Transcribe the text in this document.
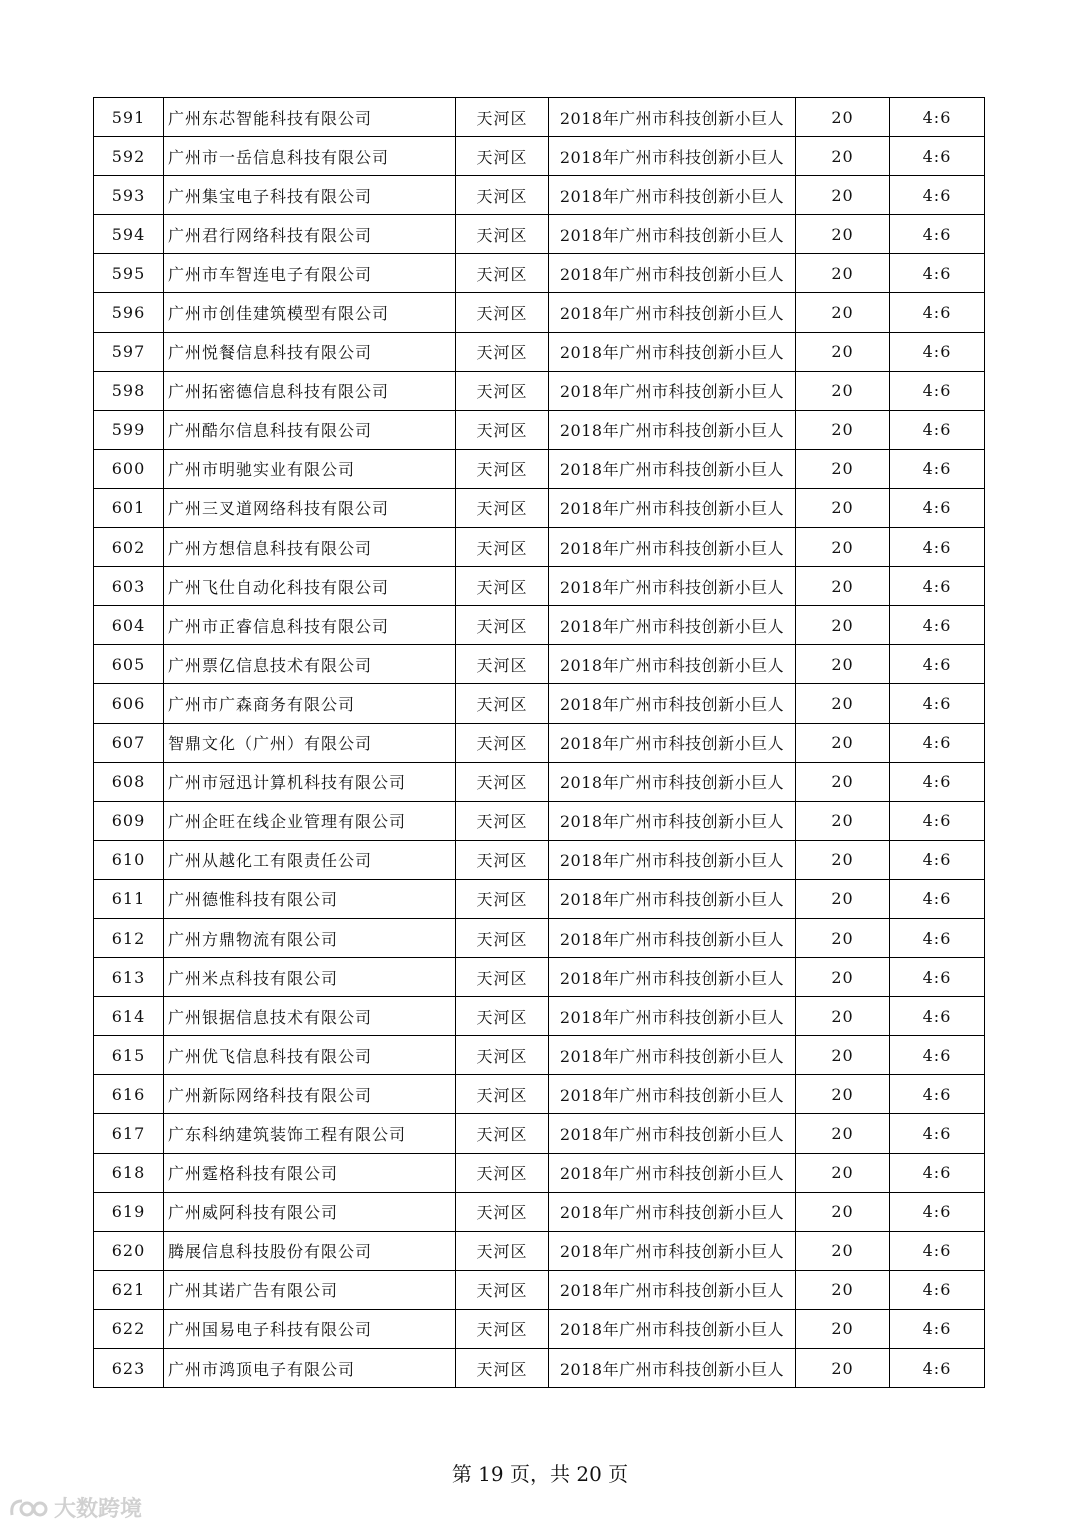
591	广州东芯智能科技有限公司	天河区	2018年广州市科技创新小巨人	20	4:6
592	广州市一岳信息科技有限公司	天河区	2018年广州市科技创新小巨人	20	4:6
593	广州集宝电子科技有限公司	天河区	2018年广州市科技创新小巨人	20	4:6
594	广州君行网络科技有限公司	天河区	2018年广州市科技创新小巨人	20	4:6
595	广州市车智连电子有限公司	天河区	2018年广州市科技创新小巨人	20	4:6
596	广州市创佳建筑模型有限公司	天河区	2018年广州市科技创新小巨人	20	4:6
597	广州悦餐信息科技有限公司	天河区	2018年广州市科技创新小巨人	20	4:6
598	广州拓密德信息科技有限公司	天河区	2018年广州市科技创新小巨人	20	4:6
599	广州酷尔信息科技有限公司	天河区	2018年广州市科技创新小巨人	20	4:6
600	广州市明驰实业有限公司	天河区	2018年广州市科技创新小巨人	20	4:6
601	广州三叉道网络科技有限公司	天河区	2018年广州市科技创新小巨人	20	4:6
602	广州方想信息科技有限公司	天河区	2018年广州市科技创新小巨人	20	4:6
603	广州飞仕自动化科技有限公司	天河区	2018年广州市科技创新小巨人	20	4:6
604	广州市正睿信息科技有限公司	天河区	2018年广州市科技创新小巨人	20	4:6
605	广州票亿信息技术有限公司	天河区	2018年广州市科技创新小巨人	20	4:6
606	广州市广森商务有限公司	天河区	2018年广州市科技创新小巨人	20	4:6
607	智鼎文化（广州）有限公司	天河区	2018年广州市科技创新小巨人	20	4:6
608	广州市冠迅计算机科技有限公司	天河区	2018年广州市科技创新小巨人	20	4:6
609	广州企旺在线企业管理有限公司	天河区	2018年广州市科技创新小巨人	20	4:6
610	广州从越化工有限责任公司	天河区	2018年广州市科技创新小巨人	20	4:6
611	广州德惟科技有限公司	天河区	2018年广州市科技创新小巨人	20	4:6
612	广州方鼎物流有限公司	天河区	2018年广州市科技创新小巨人	20	4:6
613	广州米点科技有限公司	天河区	2018年广州市科技创新小巨人	20	4:6
614	广州银据信息技术有限公司	天河区	2018年广州市科技创新小巨人	20	4:6
615	广州优飞信息科技有限公司	天河区	2018年广州市科技创新小巨人	20	4:6
616	广州新际网络科技有限公司	天河区	2018年广州市科技创新小巨人	20	4:6
617	广东科纳建筑装饰工程有限公司	天河区	2018年广州市科技创新小巨人	20	4:6
618	广州霆格科技有限公司	天河区	2018年广州市科技创新小巨人	20	4:6
619	广州威阿科技有限公司	天河区	2018年广州市科技创新小巨人	20	4:6
620	腾展信息科技股份有限公司	天河区	2018年广州市科技创新小巨人	20	4:6
621	广州其诺广告有限公司	天河区	2018年广州市科技创新小巨人	20	4:6
622	广州国易电子科技有限公司	天河区	2018年广州市科技创新小巨人	20	4:6
623	广州市鸿顶电子有限公司	天河区	2018年广州市科技创新小巨人	20	4:6
第 19 页，共 20 页
大数跨境
